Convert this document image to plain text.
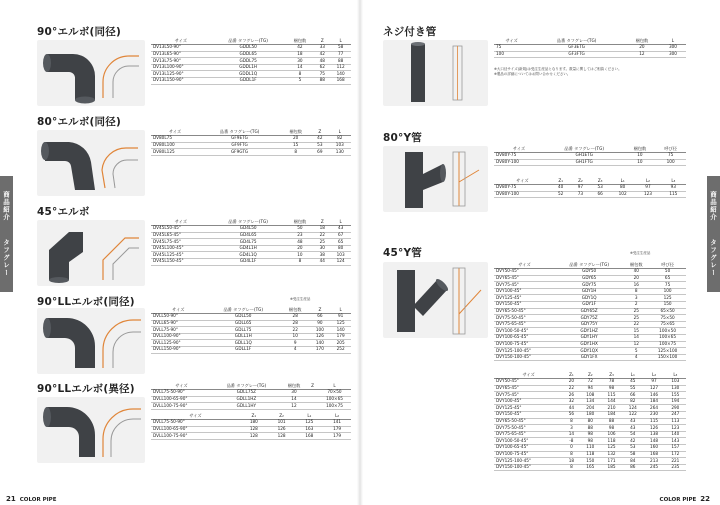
商品紹介
タフグレー
商品紹介
タフグレー
21 COLOR PIPE	COLOR PIPE 22
90°エルボ(同径)
サイズ	品番 タフグレー(TG)	梱包数	Z	L
DV13L50-90°	GDDL50	42	33	58
DV13L65-90°	GDDL65	18	42	77
DV13L75-90°	GDDL75	30	48	88
DV13L100-90°	GDDL1H	14	62	112
DV13L125-90°	GDDL1Q	8	75	140
DV13L150-90°	GDDL1F	5	88	168
80°エルボ(同径)
サイズ	品番 タフグレー(TG)	梱包数	Z	L
DV80L75	GF9ETG	20	42	82
DV80L100	GF9FTG	15	53	103
DV80L125	GF9GTG	8	69	130
45°エルボ
サイズ	品番 タフグレー(TG)	梱包数	Z	L
DV45L50-45°	GD4L50	50	18	43
DV45L65-45°	GD4L65	23	22	67
DV45L75-45°	GD4L75	48	25	65
DV45L100-45°	GD4L1H	20	30	80
DV45L125-45°	GD4L1Q	10	38	103
DV45L150-45°	GD4L1F	8	44	124
90°LLエルボ(同径)	※受注生産品
サイズ	品番 タフグレー(TG)	梱包数	Z	L
DVLL50-90°	GDLL50	28	66	91
DVLL65-90°	GDLL65	28	90	125
DVLL75-90°	GDLL75	22	100	140
DVLL100-90°	GDLL1H	10	126	179
DVLL125-90°	GDLL1Q	9	140	205
DVLL150-90°	GDLL1F	4	170	252
90°LLエルボ(異径)	サイズ	品番 タフグレー(TG)	梱包数	Z	L
DVLL75-50-90°	GDLL75Z	30		70×50
DVLL100-65-90°	GDLL1HZ	14		100×65
DVLL100-75-90°	GDLL1HY	12		100×75
サイズ	Z₁	Z₂	L₁	L₂
DVLL75-50-90°	180	101	125	141
DVLL100-65-90°	128	126	163	179
DVLL100-75-90°	128	128	168	179
ネジ付き管
サイズ	品番 タフグレー(TG)	梱包数	L
75	GF3ETG	20	300
100	GF3FTG	12	300
※大口径サイズ(新規)は受注生産品となります。数量に関してはご相談ください。
※製品の詳細についてはお問い合わせください。
80°Y管
サイズ	品番 タフグレー(TG)	梱包数	呼び径
DV80Y-75	GH1ETG	10	75
DV80Y-100	GH1FTG	10	100
サイズ	Z₁	Z₂	Z₃	L₁	L₂	L₃
DV80Y-75	40	97	53	80	97	93
DV80Y-100	52	73	66	102	123	115
45°Y管	※受注生産品
サイズ	品番 タフグレー(TG)	梱包数	呼び径
DVY50-45°	GDY50	40	50
DVY65-45°	GDY65	20	65
DVY75-45°	GDY75	16	75
DVY100-45°	GDY1H	8	100
DVY125-45°	GDY1Q	3	125
DVY150-45°	GDY1F	2	150
DVY65-50-45°	GDY65Z	25	65×50
DVY75-50-45°	GDY75Z	25	75×50
DVY75-65-45°	GDY75Y	22	75×65
DVY100-50-45°	GDY1HZ	15	100×50
DVY100-65-45°	GDY1HY	14	100×65
DVY100-75-45°	GDY1HX	12	100×75
DVY125-100-45°	GDY1QX	5	125×100
DVY150-100-45°	GDY1FX	4	150×100
サイズ	Z₁	Z₂	Z₃	L₁	L₂	L₃
DVY50-45°	20	72	78	45	97	103
DVY65-45°	22	94	98	55	127	130
DVY75-45°	26	108	115	66	146	155
DVY100-45°	32	134	144	82	184	194
DVY125-45°	44	204	210	124	264	290
DVY150-45°	56	180	184	122	230	247
DVY65-50-45°	8	80	88	43	115	113
DVY75-50-45°	3	88	98	43	126	123
DVY75-65-45°	14	98	106	54	138	140
DVY100-50-45°	-8	98	118	42	148	143
DVY100-65-45°	0	110	125	53	160	157
DVY100-75-45°	8	118	132	58	168	172
DVY125-100-45°	18	150	171	84	213	221
DVY150-100-45°	8	165	185	86	245	235
